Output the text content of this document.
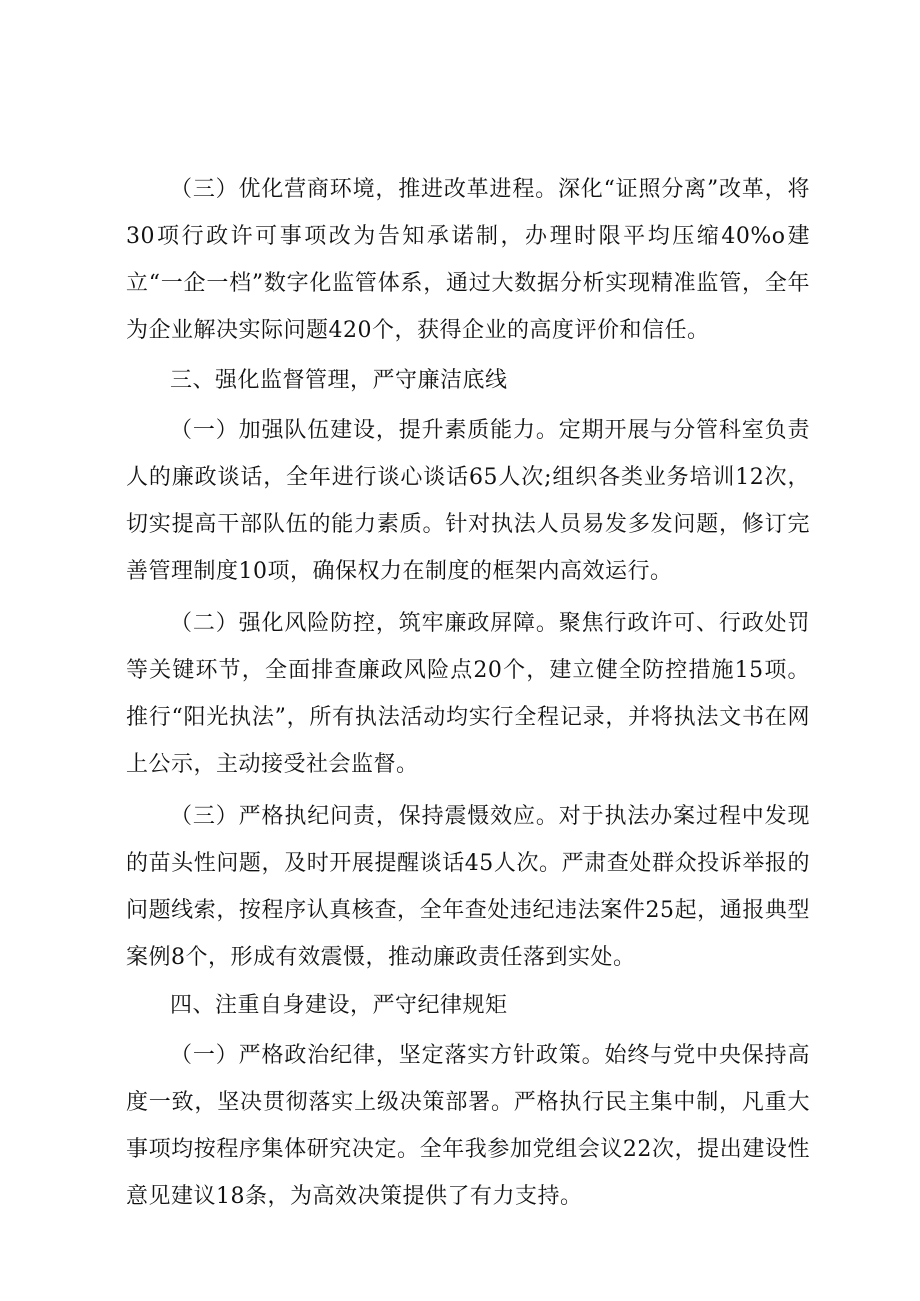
（三）优化营商环境，推进改革进程。深化“证照分离”改革，将30项行政许可事项改为告知承诺制，办理时限平均压缩40%o建立“一企一档”数字化监管体系，通过大数据分析实现精准监管，全年为企业解决实际问题420个，获得企业的高度评价和信任。

三、强化监督管理，严守廉洁底线

（一）加强队伍建设，提升素质能力。定期开展与分管科室负责人的廉政谈话，全年进行谈心谈话65人次;组织各类业务培训12次，切实提高干部队伍的能力素质。针对执法人员易发多发问题，修订完善管理制度10项，确保权力在制度的框架内高效运行。

（二）强化风险防控，筑牢廉政屏障。聚焦行政许可、行政处罚等关键环节，全面排查廉政风险点20个，建立健全防控措施15项。推行“阳光执法”，所有执法活动均实行全程记录，并将执法文书在网上公示，主动接受社会监督。

（三）严格执纪问责，保持震慑效应。对于执法办案过程中发现的苗头性问题，及时开展提醒谈话45人次。严肃查处群众投诉举报的问题线索，按程序认真核查，全年查处违纪违法案件25起，通报典型案例8个，形成有效震慑，推动廉政责任落到实处。

四、注重自身建设，严守纪律规矩

（一）严格政治纪律，坚定落实方针政策。始终与党中央保持高度一致，坚决贯彻落实上级决策部署。严格执行民主集中制，凡重大事项均按程序集体研究决定。全年我参加党组会议22次，提出建设性意见建议18条，为高效决策提供了有力支持。
